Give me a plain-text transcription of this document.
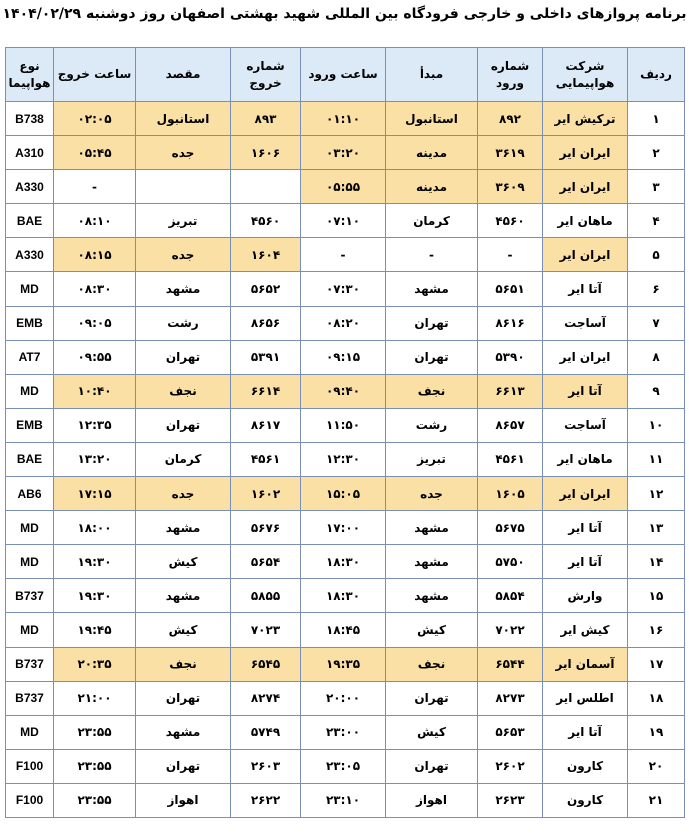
برنامه پروازهای داخلی و خارجی فرودگاه بین المللی شهید بهشتی اصفهان روز دوشنبه ۱۴۰۴/۰۲/۲۹
ردیف	شرکت هواپیمایی	شماره ورود	مبدأ	ساعت ورود	شماره خروج	مقصد	ساعت خروج	نوع هواپیما
۱	ترکیش ایر	۸۹۲	استانبول	۰۱:۱۰	۸۹۳	استانبول	۰۲:۰۵	B738
۲	ایران ایر	۳۶۱۹	مدینه	۰۳:۲۰	۱۶۰۶	جده	۰۵:۴۵	A310
۳	ایران ایر	۳۶۰۹	مدینه	۰۵:۵۵			-	A330
۴	ماهان ایر	۴۵۶۰	کرمان	۰۷:۱۰	۴۵۶۰	تبریز	۰۸:۱۰	BAE
۵	ایران ایر	-	-	-	۱۶۰۴	جده	۰۸:۱۵	A330
۶	آتا ایر	۵۶۵۱	مشهد	۰۷:۳۰	۵۶۵۲	مشهد	۰۸:۳۰	MD
۷	آساجت	۸۶۱۶	تهران	۰۸:۲۰	۸۶۵۶	رشت	۰۹:۰۵	EMB
۸	ایران ایر	۵۳۹۰	تهران	۰۹:۱۵	۵۳۹۱	تهران	۰۹:۵۵	AT7
۹	آتا ایر	۶۶۱۳	نجف	۰۹:۴۰	۶۶۱۴	نجف	۱۰:۴۰	MD
۱۰	آساجت	۸۶۵۷	رشت	۱۱:۵۰	۸۶۱۷	تهران	۱۲:۳۵	EMB
۱۱	ماهان ایر	۴۵۶۱	تبریز	۱۲:۳۰	۴۵۶۱	کرمان	۱۳:۲۰	BAE
۱۲	ایران ایر	۱۶۰۵	جده	۱۵:۰۵	۱۶۰۲	جده	۱۷:۱۵	AB6
۱۳	آتا ایر	۵۶۷۵	مشهد	۱۷:۰۰	۵۶۷۶	مشهد	۱۸:۰۰	MD
۱۴	آتا ایر	۵۷۵۰	مشهد	۱۸:۳۰	۵۶۵۴	کیش	۱۹:۳۰	MD
۱۵	وارش	۵۸۵۴	مشهد	۱۸:۳۰	۵۸۵۵	مشهد	۱۹:۳۰	B737
۱۶	کیش ایر	۷۰۲۲	کیش	۱۸:۴۵	۷۰۲۳	کیش	۱۹:۴۵	MD
۱۷	آسمان ایر	۶۵۴۴	نجف	۱۹:۳۵	۶۵۴۵	نجف	۲۰:۳۵	B737
۱۸	اطلس ایر	۸۲۷۳	تهران	۲۰:۰۰	۸۲۷۴	تهران	۲۱:۰۰	B737
۱۹	آتا ایر	۵۶۵۳	کیش	۲۳:۰۰	۵۷۴۹	مشهد	۲۳:۵۵	MD
۲۰	کارون	۲۶۰۲	تهران	۲۳:۰۵	۲۶۰۳	تهران	۲۳:۵۵	F100
۲۱	کارون	۲۶۲۳	اهواز	۲۳:۱۰	۲۶۲۲	اهواز	۲۳:۵۵	F100
